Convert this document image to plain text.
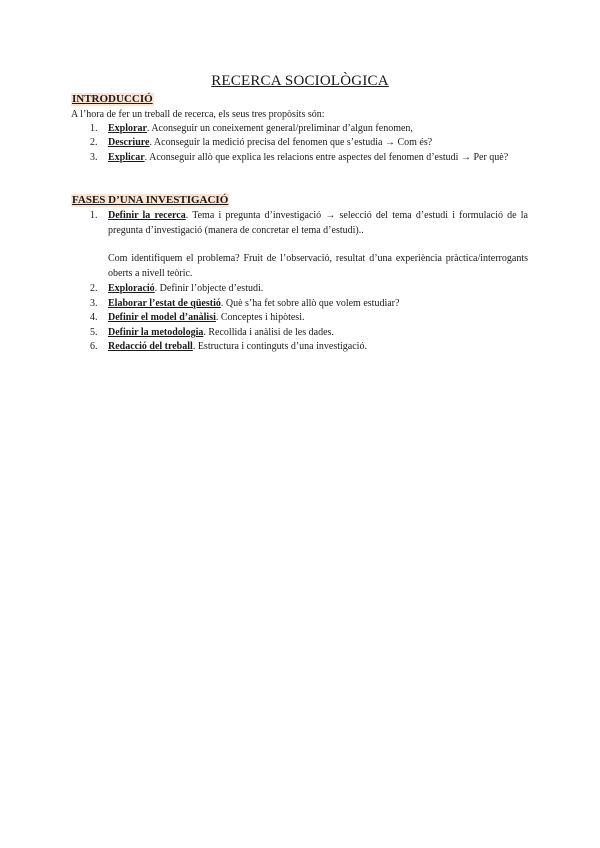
RECERCA SOCIOLÒGICA
INTRODUCCIÓ
A l’hora de fer un treball de recerca, els seus tres propòsits són:
1. Explorar. Aconseguir un coneixement general/preliminar d’algun fenomen,
2. Descriure. Aconseguir la medició precisa del fenomen que s’estudia → Com és?
3. Explicar. Aconseguir allò que explica les relacions entre aspectes del fenomen d’estudi → Per què?
FASES D’UNA INVESTIGACIÓ
1. Definir la recerca. Tema i pregunta d’investigació → selecció del tema d’estudi i formulació de la pregunta d’investigació (manera de concretar el tema d’estudi)..
Com identifiquem el problema? Fruit de l’observació, resultat d’una experiència pràctica/interrogants oberts a nivell teòric.
2. Exploració. Definir l’objecte d’estudi.
3. Elaborar l’estat de qüestió. Què s’ha fet sobre allò que volem estudiar?
4. Definir el model d’anàlisi. Conceptes i hipòtesi.
5. Definir la metodologia. Recollida i anàlisi de les dades.
6. Redacció del treball. Estructura i continguts d’una investigació.
